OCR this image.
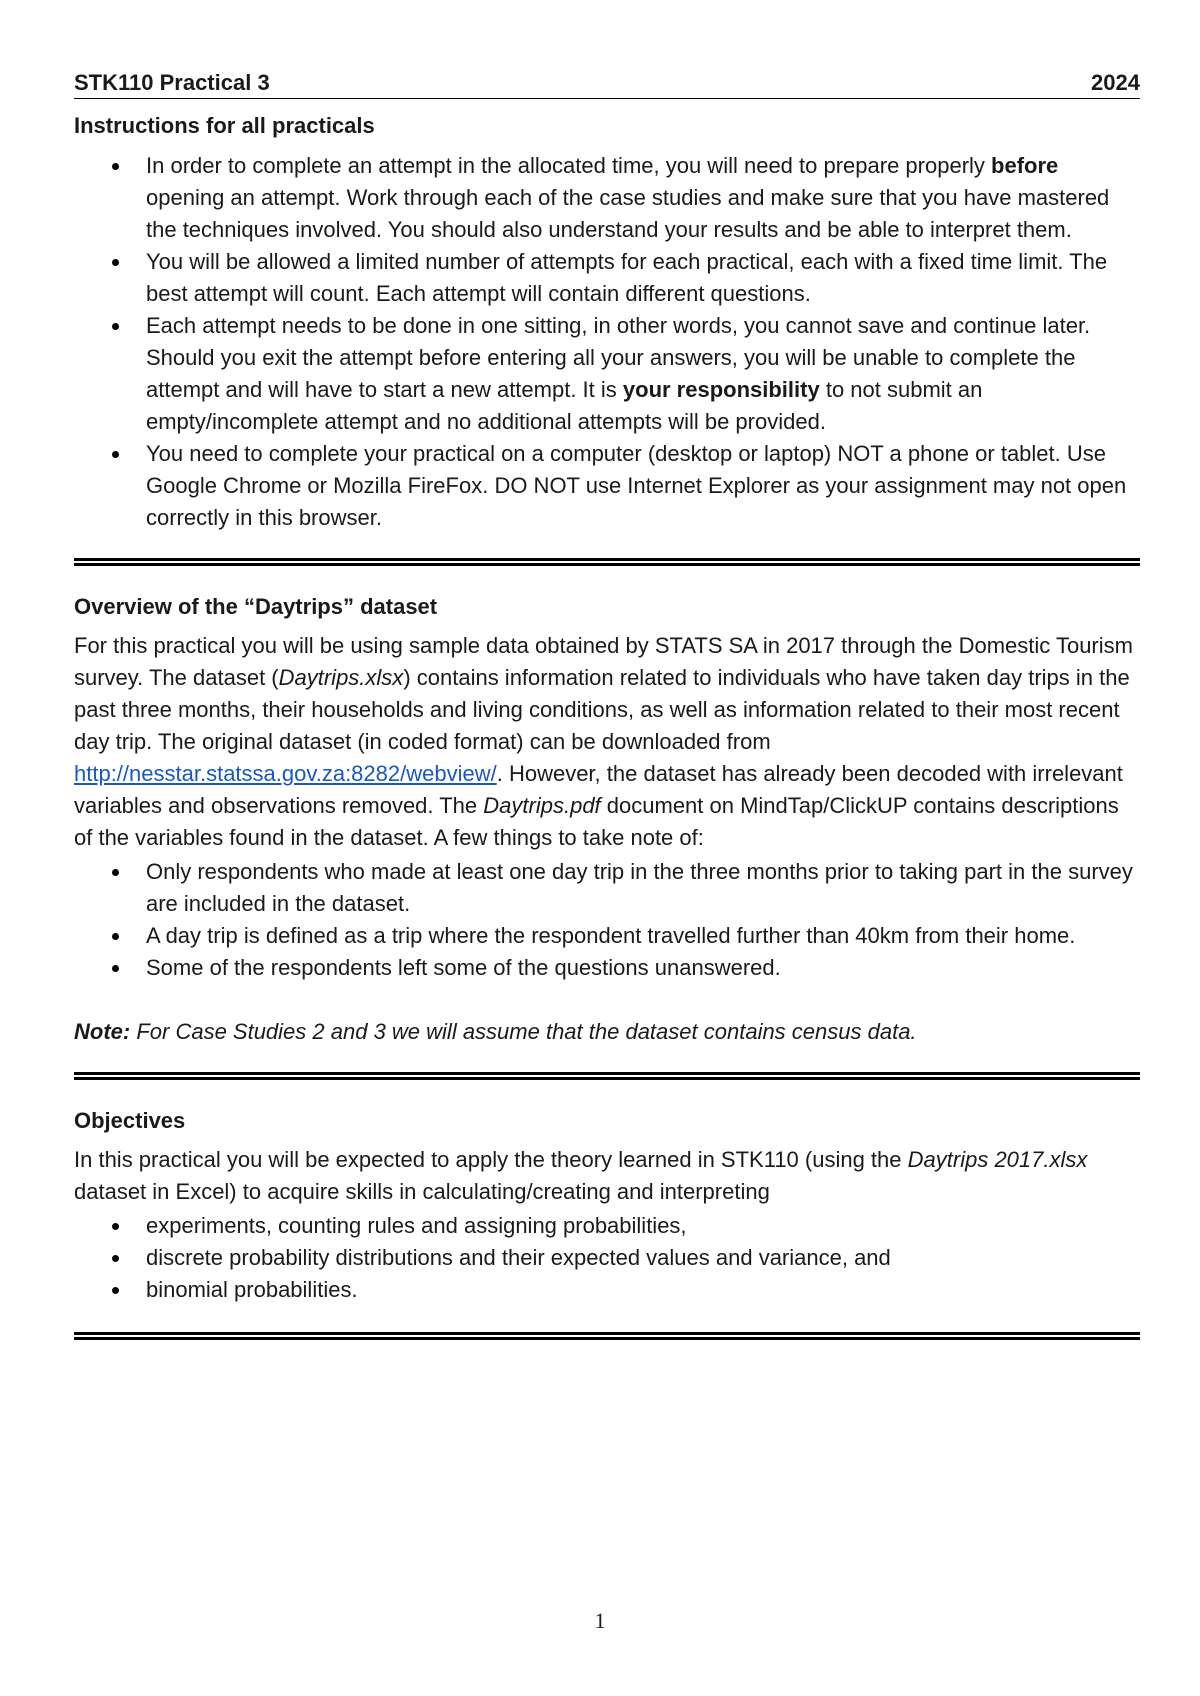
STK110 Practical 3	2024
Instructions for all practicals
In order to complete an attempt in the allocated time, you will need to prepare properly before opening an attempt. Work through each of the case studies and make sure that you have mastered the techniques involved. You should also understand your results and be able to interpret them.
You will be allowed a limited number of attempts for each practical, each with a fixed time limit. The best attempt will count. Each attempt will contain different questions.
Each attempt needs to be done in one sitting, in other words, you cannot save and continue later. Should you exit the attempt before entering all your answers, you will be unable to complete the attempt and will have to start a new attempt. It is your responsibility to not submit an empty/incomplete attempt and no additional attempts will be provided.
You need to complete your practical on a computer (desktop or laptop) NOT a phone or tablet. Use Google Chrome or Mozilla FireFox. DO NOT use Internet Explorer as your assignment may not open correctly in this browser.
Overview of the “Daytrips” dataset

For this practical you will be using sample data obtained by STATS SA in 2017 through the Domestic Tourism survey. The dataset (Daytrips.xlsx) contains information related to individuals who have taken day trips in the past three months, their households and living conditions, as well as information related to their most recent day trip. The original dataset (in coded format) can be downloaded from http://nesstar.statssa.gov.za:8282/webview/. However, the dataset has already been decoded with irrelevant variables and observations removed. The Daytrips.pdf document on MindTap/ClickUP contains descriptions of the variables found in the dataset. A few things to take note of:

Only respondents who made at least one day trip in the three months prior to taking part in the survey are included in the dataset.
A day trip is defined as a trip where the respondent travelled further than 40km from their home.
Some of the respondents left some of the questions unanswered.

Note: For Case Studies 2 and 3 we will assume that the dataset contains census data.

Objectives

In this practical you will be expected to apply the theory learned in STK110 (using the Daytrips 2017.xlsx dataset in Excel) to acquire skills in calculating/creating and interpreting

experiments, counting rules and assigning probabilities,
discrete probability distributions and their expected values and variance, and
binomial probabilities.
1
